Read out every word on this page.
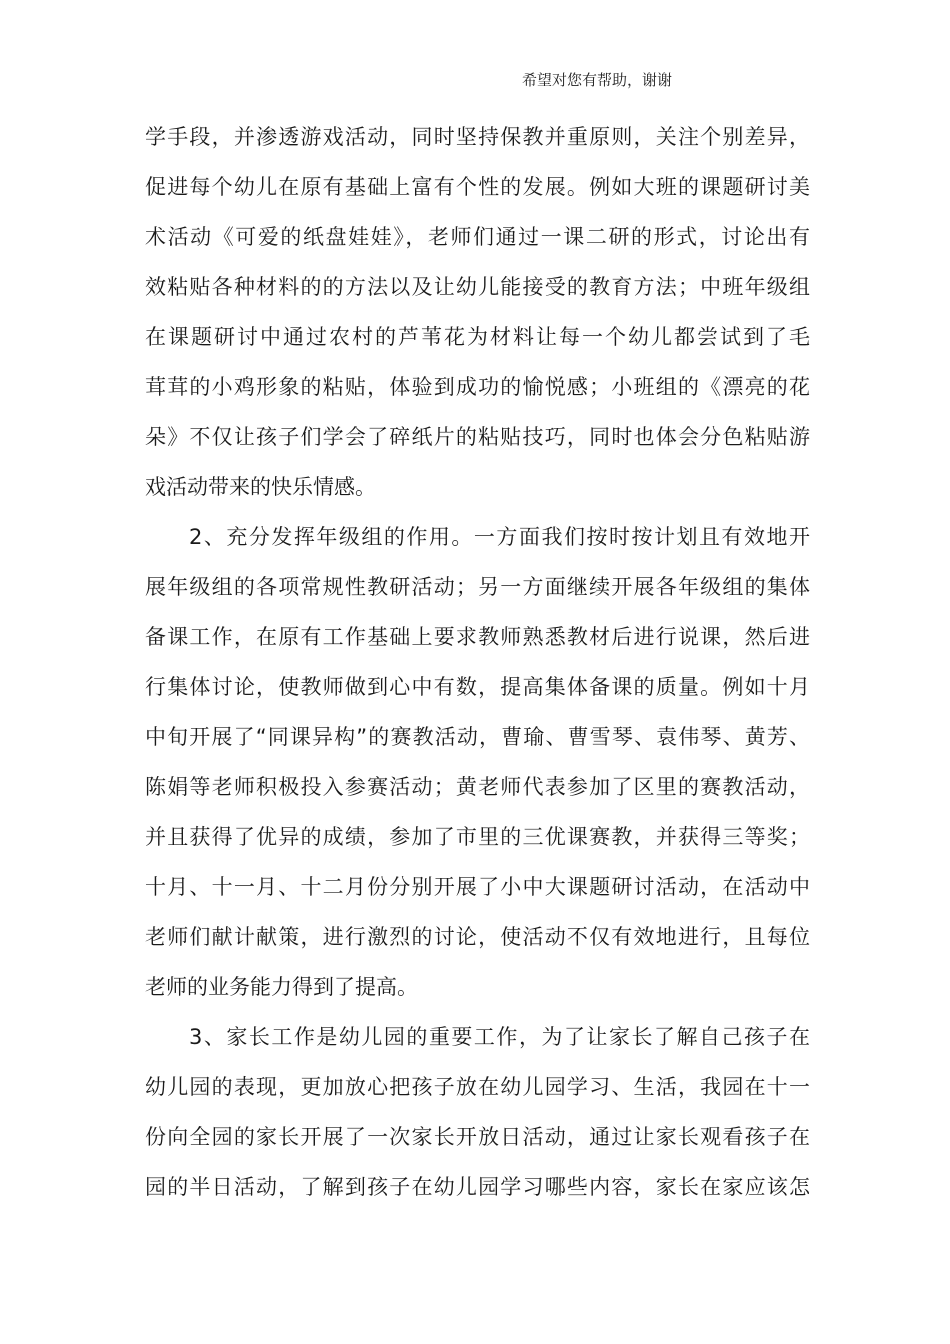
希望对您有帮助，谢谢
学手段，并渗透游戏活动，同时坚持保教并重原则，关注个别差异，
促进每个幼儿在原有基础上富有个性的发展。例如大班的课题研讨美
术活动《可爱的纸盘娃娃》，老师们通过一课二研的形式，讨论出有
效粘贴各种材料的的方法以及让幼儿能接受的教育方法；中班年级组
在课题研讨中通过农村的芦苇花为材料让每一个幼儿都尝试到了毛
茸茸的小鸡形象的粘贴，体验到成功的愉悦感；小班组的《漂亮的花
朵》不仅让孩子们学会了碎纸片的粘贴技巧，同时也体会分色粘贴游
戏活动带来的快乐情感。
2、充分发挥年级组的作用。一方面我们按时按计划且有效地开
展年级组的各项常规性教研活动；另一方面继续开展各年级组的集体
备课工作，在原有工作基础上要求教师熟悉教材后进行说课，然后进
行集体讨论，使教师做到心中有数，提高集体备课的质量。例如十月
中旬开展了“同课异构”的赛教活动，曹瑜、曹雪琴、袁伟琴、黄芳、
陈娟等老师积极投入参赛活动；黄老师代表参加了区里的赛教活动，
并且获得了优异的成绩，参加了市里的三优课赛教，并获得三等奖；
十月、十一月、十二月份分别开展了小中大课题研讨活动，在活动中
老师们献计献策，进行激烈的讨论，使活动不仅有效地进行，且每位
老师的业务能力得到了提高。
3、家长工作是幼儿园的重要工作，为了让家长了解自己孩子在
幼儿园的表现，更加放心把孩子放在幼儿园学习、生活，我园在十一
份向全园的家长开展了一次家长开放日活动，通过让家长观看孩子在
园的半日活动，了解到孩子在幼儿园学习哪些内容，家长在家应该怎
